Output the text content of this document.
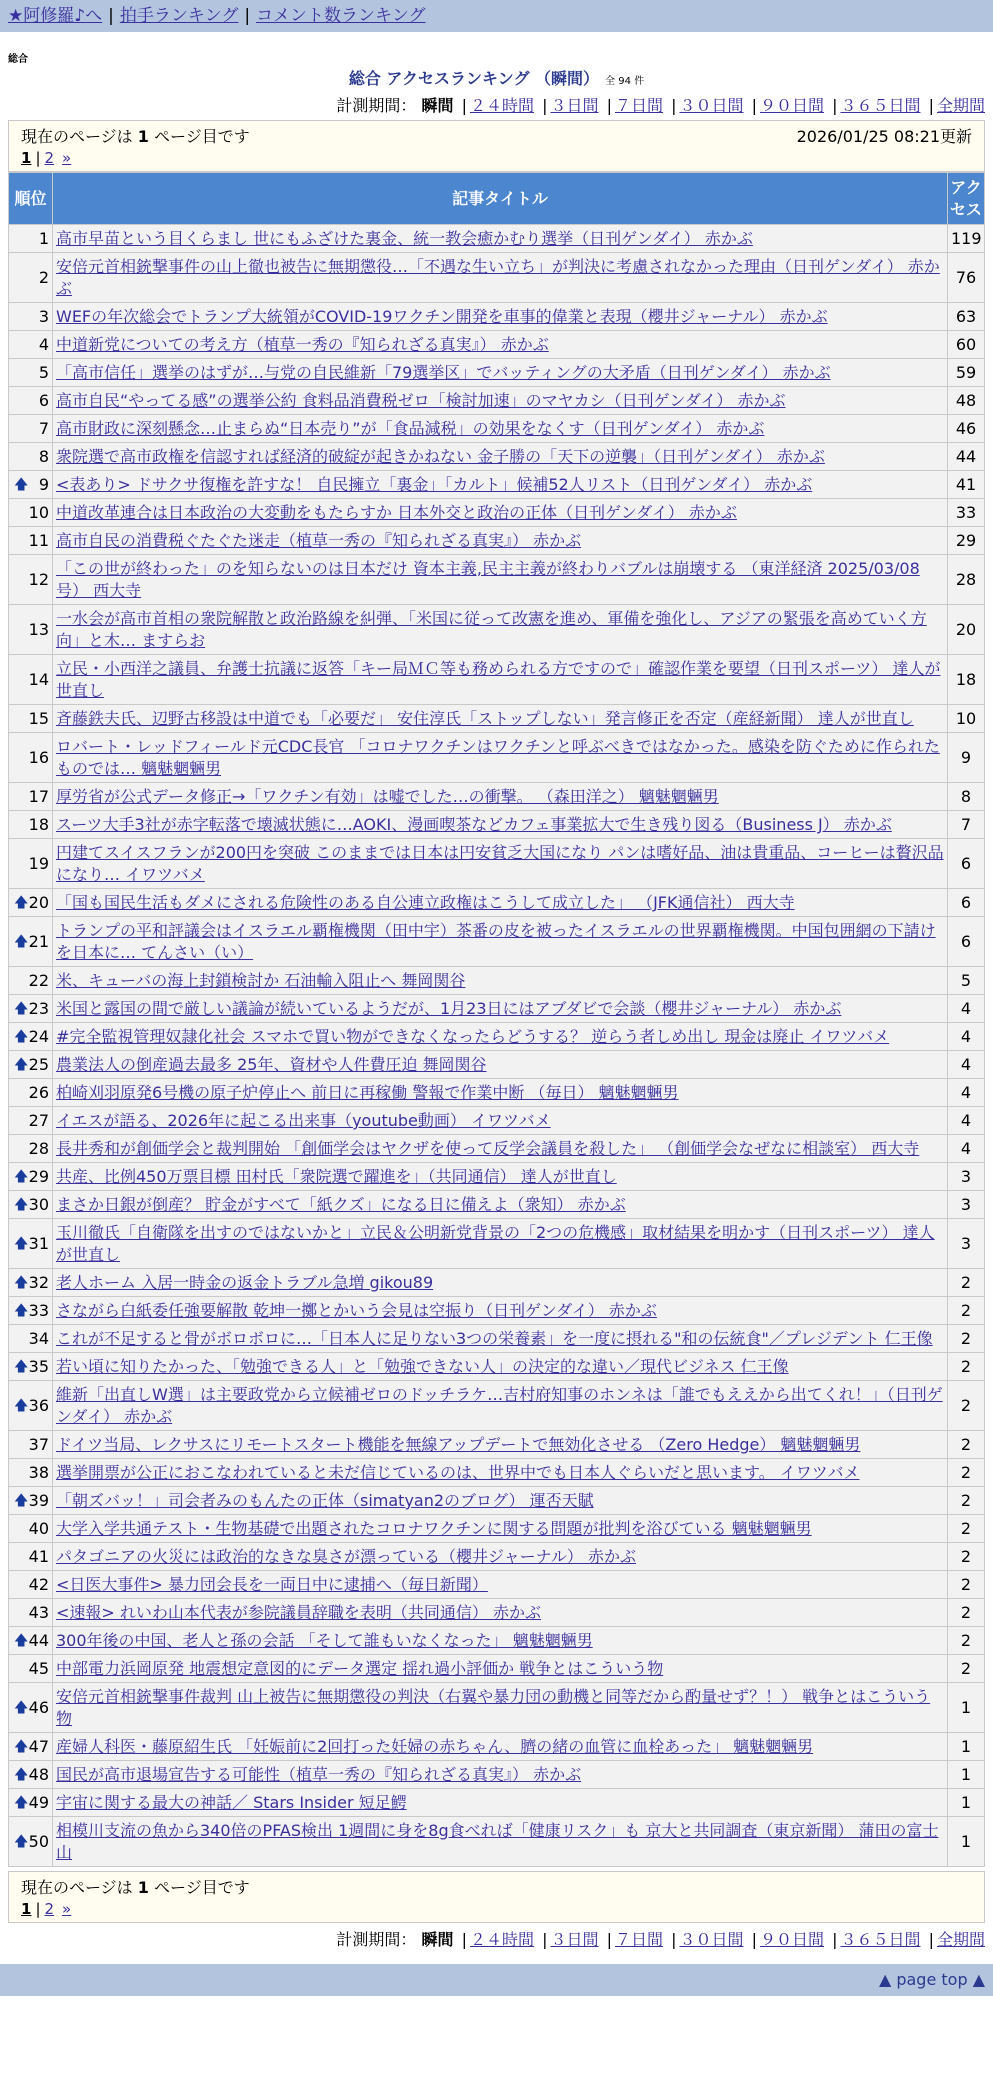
★阿修羅♪へ | 拍手ランキング | コメント数ランキング
総合
総合 アクセスランキング （瞬間） 全 94 件
計測期間： 瞬間 | ２４時間 | ３日間 | ７日間 | ３０日間 | ９０日間 | ３６５日間 | 全期間
現在のページは 1 ページ目です	2026/01/25 08:21更新
1 | 2 »
順位	記事タイトル	アクセス
1	高市早苗という目くらまし 世にもふざけた裏金、統一教会癒かむり選挙（日刊ゲンダイ） 赤かぶ	119
2	安倍元首相銃撃事件の山上徹也被告に無期懲役…「不遇な生い立ち」が判決に考慮されなかった理由（日刊ゲンダイ） 赤かぶ	76
3	WEFの年次総会でトランプ大統領がCOVID-19ワクチン開発を車事的偉業と表現（櫻井ジャーナル） 赤かぶ	63
4	中道新党についての考え方（植草一秀の『知られざる真実』） 赤かぶ	60
5	「高市信任」選挙のはずが…与党の自民維新「79選挙区」でバッティングの大矛盾（日刊ゲンダイ） 赤かぶ	59
6	高市自民“やってる感”の選挙公約 食料品消費税ゼロ「検討加速」のマヤカシ（日刊ゲンダイ） 赤かぶ	48
7	高市財政に深刻懸念…止まらぬ“日本売り”が「食品減税」の効果をなくす（日刊ゲンダイ） 赤かぶ	46
8	衆院選で高市政権を信認すれば経済的破綻が起きかねない 金子勝の「天下の逆襲」（日刊ゲンダイ） 赤かぶ	44

🡅 9	<表あり> ドサクサ復権を許すな！ 自民擁立「裏金」「カルト」候補52人リスト（日刊ゲンダイ） 赤かぶ	41
10	中道改革連合は日本政治の大変動をもたらすか 日本外交と政治の正体（日刊ゲンダイ） 赤かぶ	33
11	高市自民の消費税ぐたぐた迷走（植草一秀の『知られざる真実』） 赤かぶ	29
12	「この世が終わった」のを知らないのは日本だけ 資本主義,民主主義が終わりバブルは崩壊する （東洋経済 2025/03/08号） 西大寺	28
13	一水会が高市首相の衆院解散と政治路線を糾弾、「米国に従って改憲を進め、軍備を強化し、アジアの緊張を高めていく方向」と木… ますらお	20
14	立民・小西洋之議員、弁護士抗議に返答「キー局ＭＣ等も務められる方ですので」確認作業を要望（日刊スポーツ） 達人が世直し	18
15	斉藤鉄夫氏、辺野古移設は中道でも「必要だ」 安住淳氏「ストップしない」発言修正を否定（産経新聞） 達人が世直し	10
16	ロバート・レッドフィールド元CDC長官 「コロナワクチンはワクチンと呼ぶべきではなかった。感染を防ぐために作られたものでは… 魑魅魍魎男	9
17	厚労省が公式データ修正→「ワクチン有効」は嘘でした…の衝撃。 （森田洋之） 魑魅魍魎男	8
18	スーツ大手3社が赤字転落で壊滅状態に…AOKI、漫画喫茶などカフェ事業拡大で生き残り図る（Business J） 赤かぶ	7
19	円建てスイスフランが200円を突破 このままでは日本は円安貧乏大国になり パンは嗜好品、油は貴重品、コーヒーは贅沢品になり… イワツバメ	6

🡅 20	「国も国民生活もダメにされる危険性のある自公連立政権はこうして成立した」 （JFK通信社） 西大寺	6

🡅 21	トランプの平和評議会はイスラエル覇権機関（田中宇）茶番の皮を被ったイスラエルの世界覇権機関。中国包囲網の下請けを日本に… てんさい（い）	6
22	米、キューバの海上封鎖検討か 石油輸入阻止へ 舞岡関谷	5

🡅 23	米国と露国の間で厳しい議論が続いているようだが、1月23日にはアブダビで会談（櫻井ジャーナル） 赤かぶ	4

🡅 24	#完全監視管理奴隷化社会 スマホで買い物ができなくなったらどうする？ 逆らう者しめ出し 現金は廃止 イワツバメ	4

🡅 25	農業法人の倒産過去最多 25年、資材や人件費圧迫 舞岡関谷	4
26	柏崎刈羽原発6号機の原子炉停止へ 前日に再稼働 警報で作業中断 （毎日） 魑魅魍魎男	4
27	イエスが語る、2026年に起こる出来事（youtube動画） イワツバメ	4
28	長井秀和が創価学会と裁判開始 「創価学会はヤクザを使って反学会議員を殺した」 （創価学会なぜなに相談室） 西大寺	4

🡅 29	共産、比例450万票目標 田村氏「衆院選で躍進を」（共同通信） 達人が世直し	3

🡅 30	まさか日銀が倒産？ 貯金がすべて「紙クズ」になる日に備えよ（衆知） 赤かぶ	3

🡅 31	玉川徹氏「自衛隊を出すのではないかと」立民＆公明新党背景の「2つの危機感」取材結果を明かす（日刊スポーツ） 達人が世直し	3

🡅 32	老人ホーム 入居一時金の返金トラブル急増 gikou89	2

🡅 33	さながら白紙委任強要解散 乾坤一擲とかいう会見は空振り（日刊ゲンダイ） 赤かぶ	2
34	これが不足すると骨がボロボロに…「日本人に足りない3つの栄養素」を一度に摂れる"和の伝統食"／プレジデント 仁王像	2

🡅 35	若い頃に知りたかった、「勉強できる人」と「勉強できない人」の決定的な違い／現代ビジネス 仁王像	2

🡅 36	維新「出直しW選」は主要政党から立候補ゼロのドッチラケ…吉村府知事のホンネは「誰でもええから出てくれ！」（日刊ゲンダイ） 赤かぶ	2
37	ドイツ当局、レクサスにリモートスタート機能を無線アップデートで無効化させる （Zero Hedge） 魑魅魍魎男	2
38	選挙開票が公正におこなわれていると未だ信じているのは、世界中でも日本人ぐらいだと思います。 イワツバメ	2

🡅 39	「朝ズバッ！」司会者みのもんたの正体（simatyan2のブログ） 運否天賦	2
40	大学入学共通テスト・生物基礎で出題されたコロナワクチンに関する問題が批判を浴びている 魑魅魍魎男	2
41	パタゴニアの火災には政治的なきな臭さが漂っている（櫻井ジャーナル） 赤かぶ	2
42	<日医大事件> 暴力団会長を一両日中に逮捕へ（毎日新聞）	2
43	<速報> れいわ山本代表が参院議員辞職を表明（共同通信） 赤かぶ	2

🡅 44	300年後の中国、老人と孫の会話 「そして誰もいなくなった」 魑魅魍魎男	2
45	中部電力浜岡原発 地震想定意図的にデータ選定 揺れ過小評価か 戦争とはこういう物	2

🡅 46	安倍元首相銃撃事件裁判 山上被告に無期懲役の判決（右翼や暴力団の動機と同等だから酌量せず？！） 戦争とはこういう物	1

🡅 47	産婦人科医・藤原紹生氏 「妊娠前に2回打った妊婦の赤ちゃん、臍の緒の血管に血栓あった」 魑魅魍魎男	1

🡅 48	国民が高市退場宣告する可能性（植草一秀の『知られざる真実』） 赤かぶ	1

🡅 49	宇宙に関する最大の神話／ Stars Insider 短足鰐	1

🡅 50	相模川支流の魚から340倍のPFAS検出 1週間に身を8g食べれば「健康リスク」も 京大と共同調査（東京新聞） 蒲田の富士山	1
現在のページは 1 ページ目です
1 | 2 »
計測期間： 瞬間 | ２４時間 | ３日間 | ７日間 | ３０日間 | ９０日間 | ３６５日間 | 全期間
▲ page top ▲
